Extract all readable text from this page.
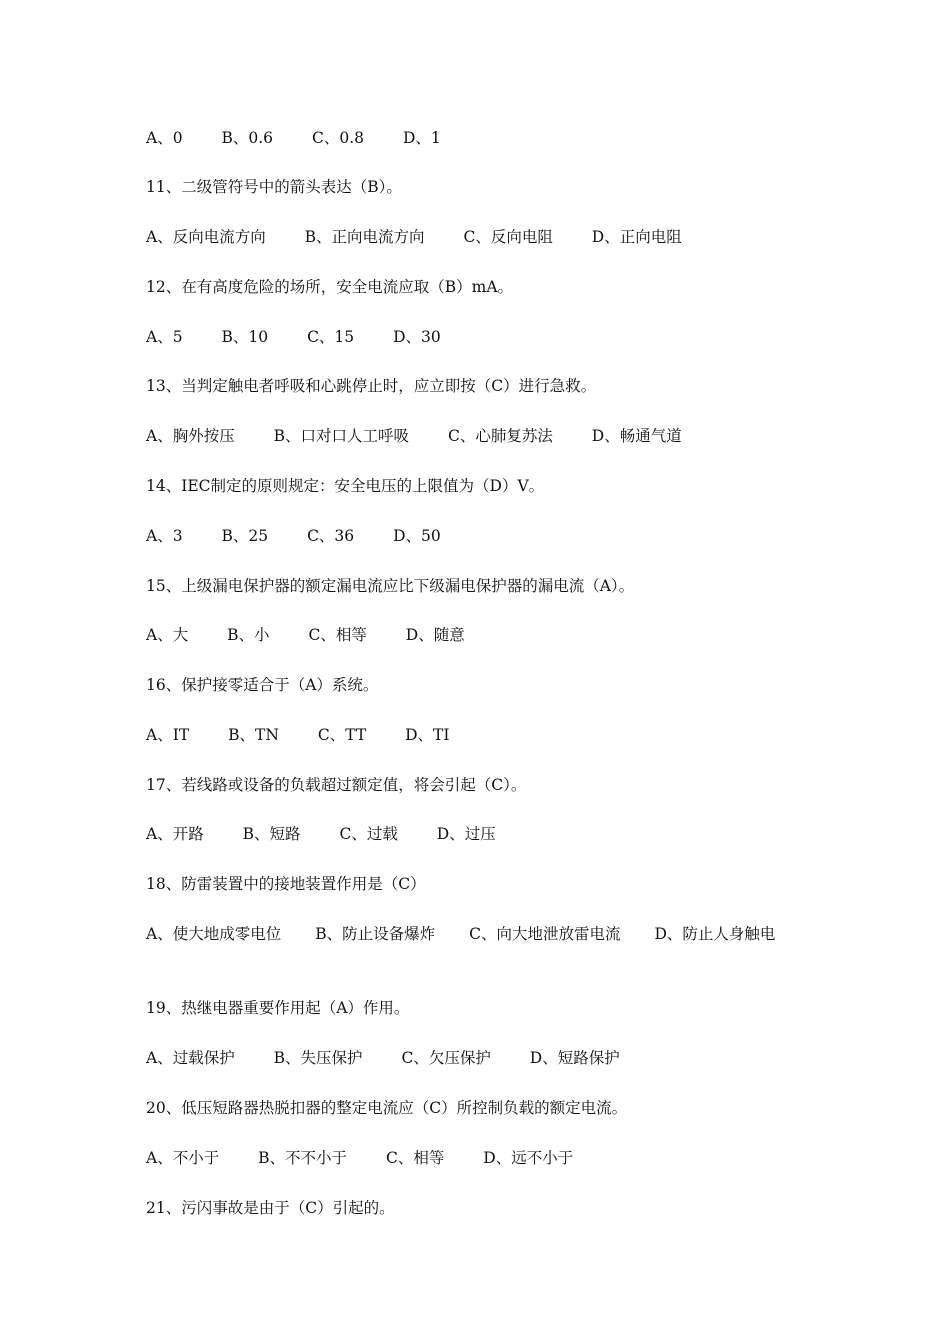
A、0	B、0.6	C、0.8	D、1
11、二级管符号中的箭头表达（B）。
A、反向电流方向	B、正向电流方向	C、反向电阻	D、正向电阻
12、在有高度危险的场所，安全电流应取（B）mA。
A、5	B、10	C、15	D、30
13、当判定触电者呼吸和心跳停止时，应立即按（C）进行急救。
A、胸外按压	B、口对口人工呼吸	C、心肺复苏法	D、畅通气道
14、IEC制定的原则规定：安全电压的上限值为（D）V。
A、3	B、25	C、36	D、50
15、上级漏电保护器的额定漏电流应比下级漏电保护器的漏电流（A）。
A、大	B、小	C、相等	D、随意
16、保护接零适合于（A）系统。
A、IT	B、TN	C、TT	D、TI
17、若线路或设备的负载超过额定值，将会引起（C）。
A、开路	B、短路	C、过载	D、过压
18、防雷装置中的接地装置作用是（C）
A、使大地成零电位 B、防止设备爆炸 C、向大地泄放雷电流 D、防止人身触电
19、热继电器重要作用起（A）作用。
A、过载保护	B、失压保护	C、欠压保护	D、短路保护
20、低压短路器热脱扣器的整定电流应（C）所控制负载的额定电流。
A、不小于	B、不不小于	C、相等	D、远不小于
21、污闪事故是由于（C）引起的。
